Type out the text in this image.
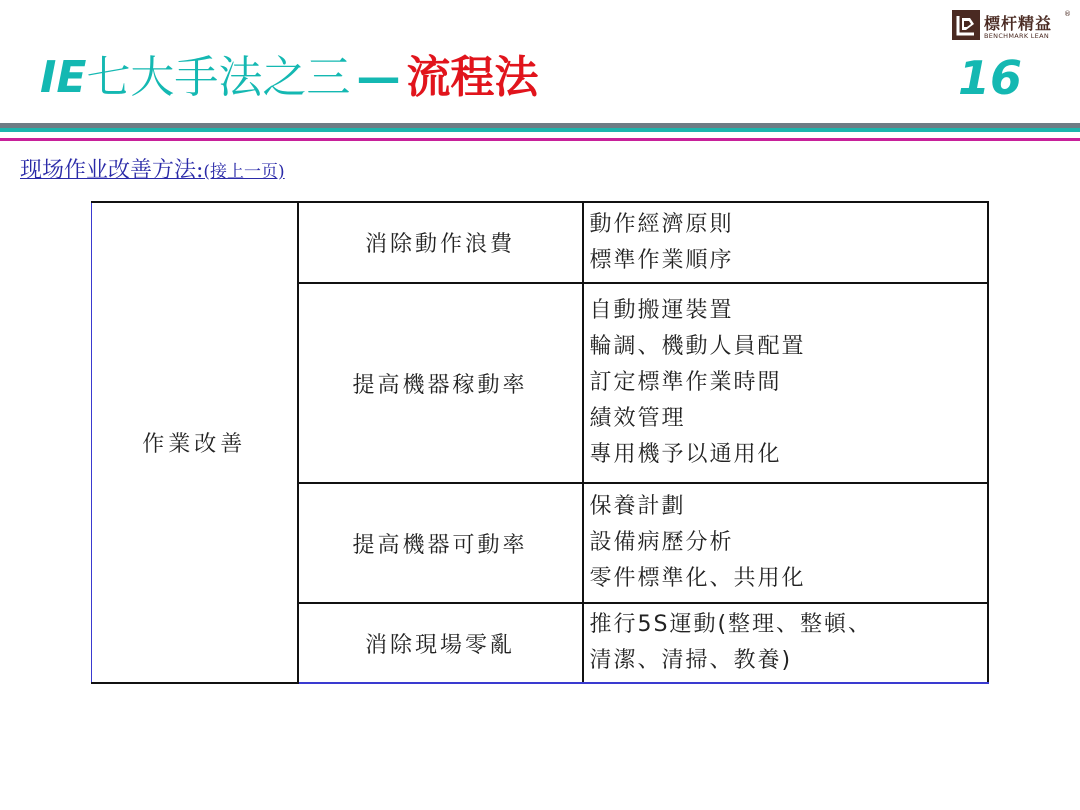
標杆精益 ®
BENCHMARK LEAN
IE七大手法之三 — 流程法	16
现场作业改善方法:(接上一页)
作業改善	消除動作浪費	動作經濟原則
標準作業順序

	提高機器稼動率	自動搬運裝置
輪調、機動人員配置
訂定標準作業時間
績效管理
專用機予以通用化

	提高機器可動率	保養計劃
設備病歷分析
零件標準化、共用化

	消除現場零亂	推行5S運動(整理、整頓、
清潔、清掃、教養)
